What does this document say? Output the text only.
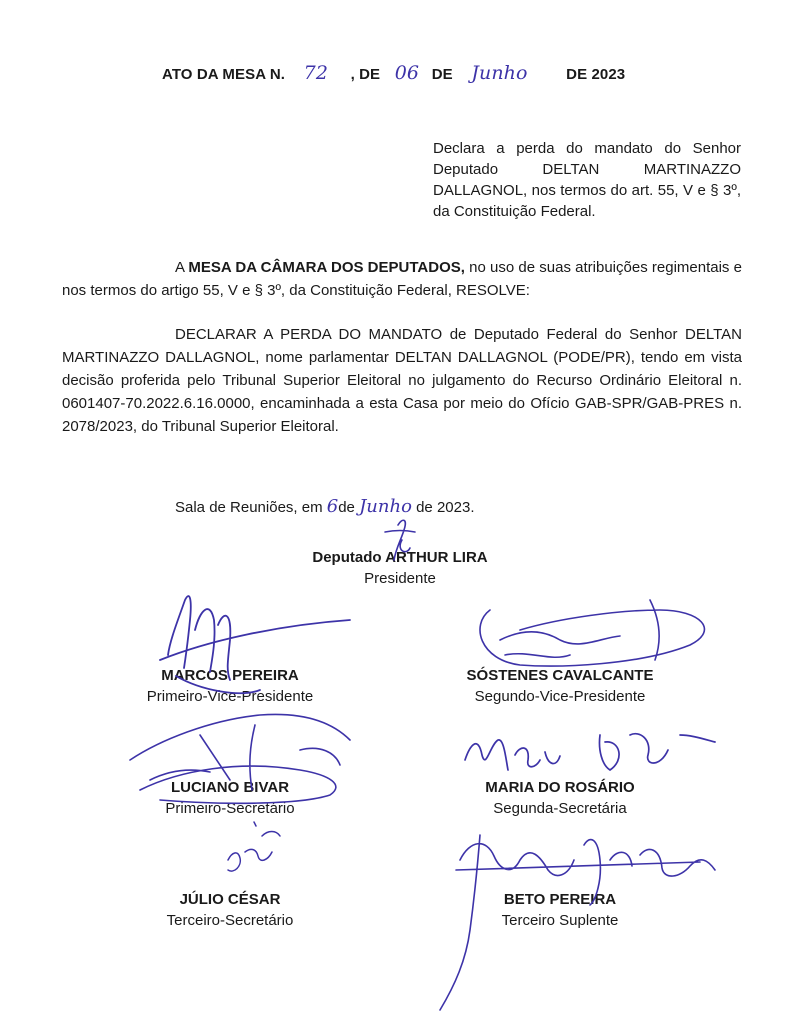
ATO DA MESA N. 72 , DE 06 DE Junho	DE 2023
Declara a perda do mandato do Senhor Deputado DELTAN MARTINAZZO DALLAGNOL, nos termos do art. 55, V e § 3º, da Constituição Federal.
A MESA DA CÂMARA DOS DEPUTADOS, no uso de suas atribuições regimentais e nos termos do artigo 55, V e § 3º, da Constituição Federal, RESOLVE:
DECLARAR A PERDA DO MANDATO de Deputado Federal do Senhor DELTAN MARTINAZZO DALLAGNOL, nome parlamentar DELTAN DALLAGNOL (PODE/PR), tendo em vista decisão proferida pelo Tribunal Superior Eleitoral no julgamento do Recurso Ordinário Eleitoral n. 0601407-70.2022.6.16.0000, encaminhada a esta Casa por meio do Ofício GAB-SPR/GAB-PRES n. 2078/2023, do Tribunal Superior Eleitoral.
Sala de Reuniões, em 6de Junho de 2023.
Deputado ARTHUR LIRA
Presidente
MARCOS PEREIRA
Primeiro-Vice-Presidente
SÓSTENES CAVALCANTE
Segundo-Vice-Presidente
LUCIANO BIVAR
Primeiro-Secretário
MARIA DO ROSÁRIO
Segunda-Secretária
JÚLIO CÉSAR
Terceiro-Secretário
BETO PEREIRA
Terceiro Suplente
